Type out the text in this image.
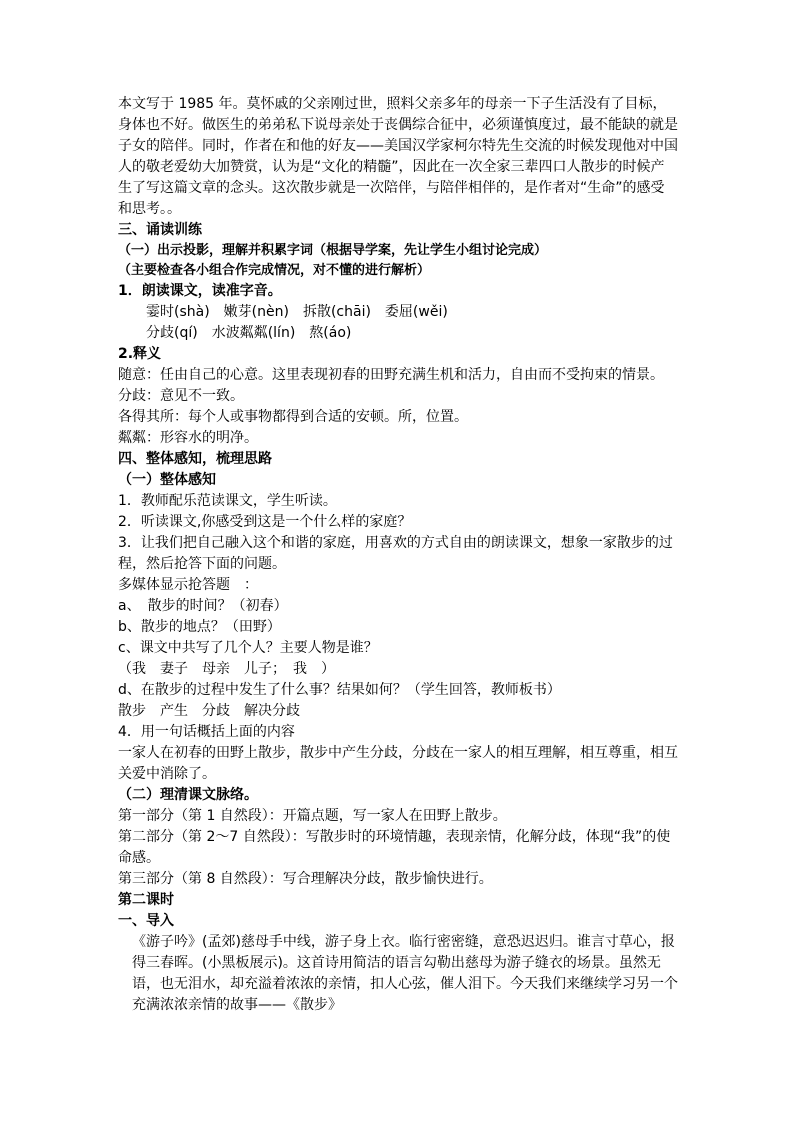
本文写于 1985 年。莫怀戚的父亲刚过世，照料父亲多年的母亲一下子生活没有了目标，身体也不好。做医生的弟弟私下说母亲处于丧偶综合征中，必须谨慎度过，最不能缺的就是子女的陪伴。同时，作者在和他的好友——美国汉学家柯尔特先生交流的时候发现他对中国人的敬老爱幼大加赞赏，认为是“文化的精髓”，因此在一次全家三辈四口人散步的时候产生了写这篇文章的念头。这次散步就是一次陪伴，与陪伴相伴的，是作者对“生命”的感受和思考。。

三、诵读训练

（一）出示投影，理解并积累字词（根据导学案，先让学生小组讨论完成）

（主要检查各小组合作完成情况，对不懂的进行解析）

1．朗读课文，读准字音。

霎时(shà)　嫩芽(nèn)　拆散(chāi)　委屈(wěi)

分歧(qí)　水波粼粼(lín)　熬(áo)

2.释义

随意：任由自己的心意。这里表现初春的田野充满生机和活力，自由而不受拘束的情景。

分歧：意见不一致。

各得其所：每个人或事物都得到合适的安顿。所，位置。

粼粼：形容水的明净。

四、整体感知，梳理思路

（一）整体感知

1．教师配乐范读课文，学生听读。

2．听读课文,你感受到这是一个什么样的家庭？

3．让我们把自己融入这个和谐的家庭，用喜欢的方式自由的朗读课文，想象一家散步的过程，然后抢答下面的问题。

多媒体显示抢答题　：

a、　散步的时间？（初春）

b、散步的地点？（田野）

c、课文中共写了几个人？主要人物是谁？

（我　妻子　母亲　儿子；　我　）

d、在散步的过程中发生了什么事？结果如何？（学生回答，教师板书）

散步　产生　分歧　解决分歧

4．用一句话概括上面的内容

一家人在初春的田野上散步，散步中产生分歧，分歧在一家人的相互理解，相互尊重，相互关爱中消除了。

（二）理清课文脉络。

第一部分（第 1 自然段）：开篇点题，写一家人在田野上散步。

第二部分（第 2～7 自然段）：写散步时的环境情趣，表现亲情，化解分歧，体现“我”的使命感。

第三部分（第 8 自然段）：写合理解决分歧，散步愉快进行。

第二课时

一、导入

《游子吟》(孟郊)慈母手中线，游子身上衣。临行密密缝，意恐迟迟归。谁言寸草心，报得三春晖。(小黑板展示)。这首诗用简洁的语言勾勒出慈母为游子缝衣的场景。虽然无语，也无泪水，却充溢着浓浓的亲情，扣人心弦，催人泪下。今天我们来继续学习另一个充满浓浓亲情的故事——《散步》
